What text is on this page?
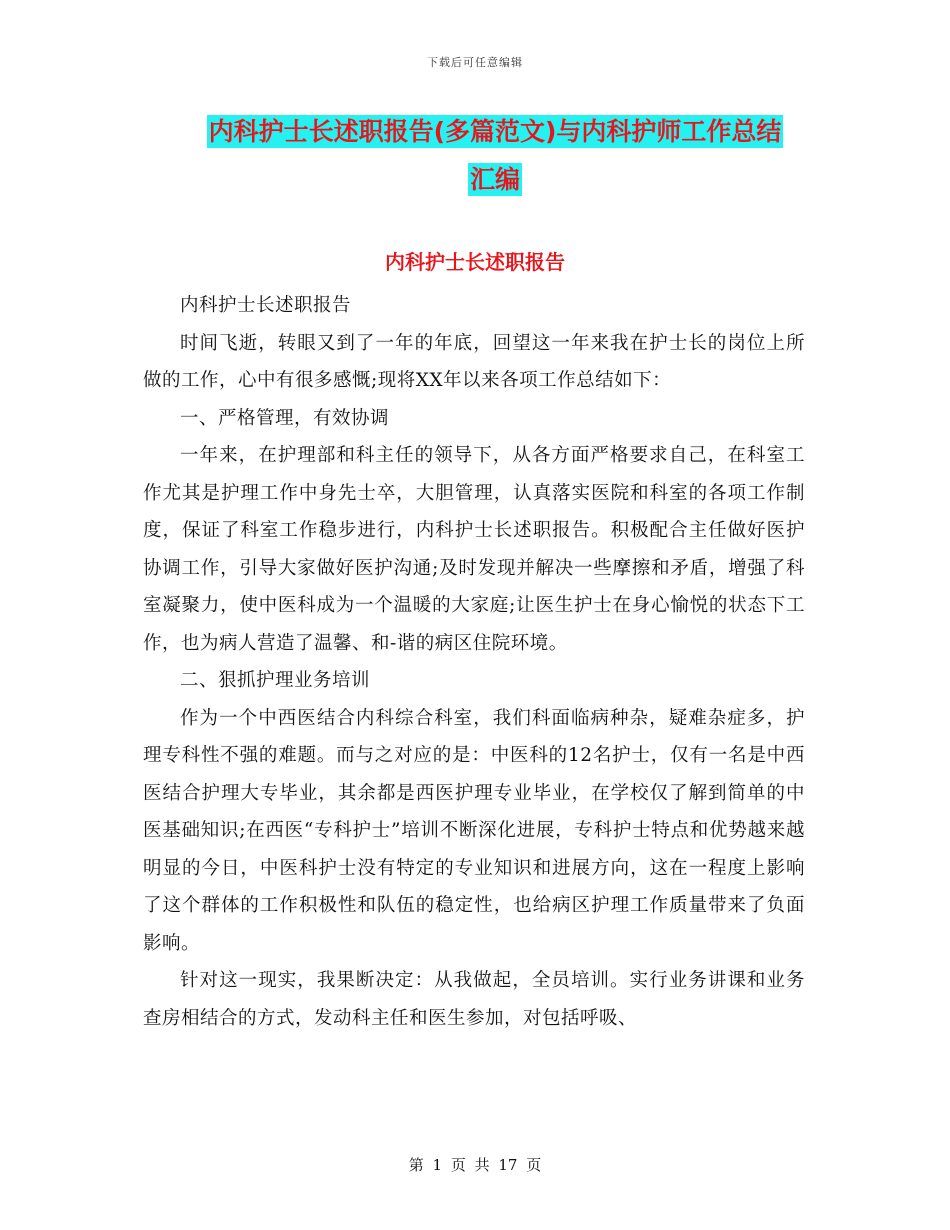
下载后可任意编辑
内科护士长述职报告(多篇范文)与内科护师工作总结
汇编
内科护士长述职报告

内科护士长述职报告

时间飞逝，转眼又到了一年的年底，回望这一年来我在护士长的岗位上所做的工作，心中有很多感慨;现将XX年以来各项工作总结如下：

一、严格管理，有效协调

一年来，在护理部和科主任的领导下，从各方面严格要求自己，在科室工作尤其是护理工作中身先士卒，大胆管理，认真落实医院和科室的各项工作制度，保证了科室工作稳步进行，内科护士长述职报告。积极配合主任做好医护协调工作，引导大家做好医护沟通;及时发现并解决一些摩擦和矛盾，增强了科室凝聚力，使中医科成为一个温暖的大家庭;让医生护士在身心愉悦的状态下工作，也为病人营造了温馨、和-谐的病区住院环境。

二、狠抓护理业务培训

作为一个中西医结合内科综合科室，我们科面临病种杂，疑难杂症多，护理专科性不强的难题。而与之对应的是：中医科的12名护士，仅有一名是中西医结合护理大专毕业，其余都是西医护理专业毕业，在学校仅了解到简单的中医基础知识;在西医“专科护士”培训不断深化进展，专科护士特点和优势越来越明显的今日，中医科护士没有特定的专业知识和进展方向，这在一程度上影响了这个群体的工作积极性和队伍的稳定性，也给病区护理工作质量带来了负面影响。

针对这一现实，我果断决定：从我做起，全员培训。实行业务讲课和业务查房相结合的方式，发动科主任和医生参加，对包括呼吸、

第 1 页 共 17 页
